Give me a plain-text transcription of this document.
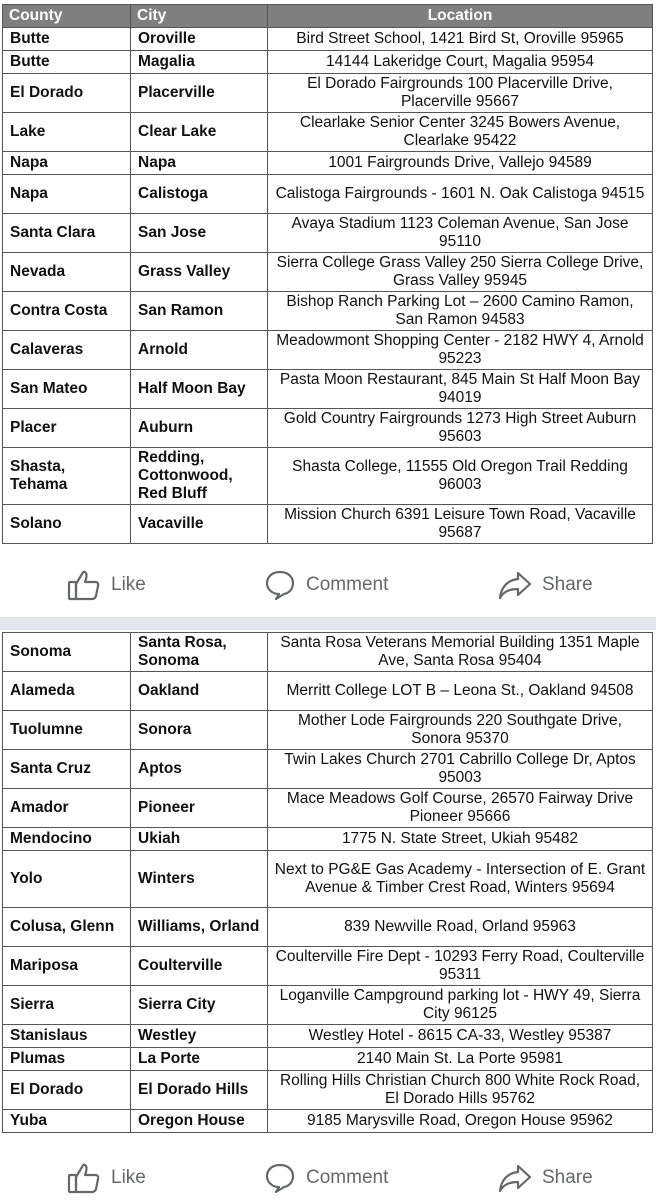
County	City	Location
Butte	Oroville	Bird Street School, 1421 Bird St, Oroville 95965
Butte	Magalia	14144 Lakeridge Court, Magalia 95954
El Dorado	Placerville	El Dorado Fairgrounds 100 Placerville Drive, Placerville 95667
Lake	Clear Lake	Clearlake Senior Center 3245 Bowers Avenue, Clearlake 95422
Napa	Napa	1001 Fairgrounds Drive, Vallejo 94589
Napa	Calistoga	Calistoga Fairgrounds - 1601 N. Oak Calistoga 94515
Santa Clara	San Jose	Avaya Stadium 1123 Coleman Avenue, San Jose 95110
Nevada	Grass Valley	Sierra College Grass Valley 250 Sierra College Drive, Grass Valley 95945
Contra Costa	San Ramon	Bishop Ranch Parking Lot – 2600 Camino Ramon, San Ramon 94583
Calaveras	Arnold	Meadowmont Shopping Center - 2182 HWY 4, Arnold 95223
San Mateo	Half Moon Bay	Pasta Moon Restaurant, 845 Main St Half Moon Bay 94019
Placer	Auburn	Gold Country Fairgrounds 1273 High Street Auburn 95603
Shasta, Tehama	Redding, Cottonwood, Red Bluff	Shasta College, 11555 Old Oregon Trail Redding 96003
Solano	Vacaville	Mission Church 6391 Leisure Town Road, Vacaville 95687
Like	Comment	Share
Sonoma	Santa Rosa, Sonoma	Santa Rosa Veterans Memorial Building 1351 Maple Ave, Santa Rosa 95404
Alameda	Oakland	Merritt College LOT B – Leona St., Oakland 94508
Tuolumne	Sonora	Mother Lode Fairgrounds 220 Southgate Drive, Sonora 95370
Santa Cruz	Aptos	Twin Lakes Church 2701 Cabrillo College Dr, Aptos 95003
Amador	Pioneer	Mace Meadows Golf Course, 26570 Fairway Drive Pioneer 95666
Mendocino	Ukiah	1775 N. State Street, Ukiah 95482
Yolo	Winters	Next to PG&E Gas Academy - Intersection of E. Grant Avenue & Timber Crest Road, Winters 95694
Colusa, Glenn	Williams, Orland	839 Newville Road, Orland 95963
Mariposa	Coulterville	Coulterville Fire Dept - 10293 Ferry Road, Coulterville 95311
Sierra	Sierra City	Loganville Campground parking lot - HWY 49, Sierra City 96125
Stanislaus	Westley	Westley Hotel - 8615 CA-33, Westley 95387
Plumas	La Porte	2140 Main St. La Porte 95981
El Dorado	El Dorado Hills	Rolling Hills Christian Church 800 White Rock Road, El Dorado Hills 95762
Yuba	Oregon House	9185 Marysville Road, Oregon House 95962
Like	Comment	Share
